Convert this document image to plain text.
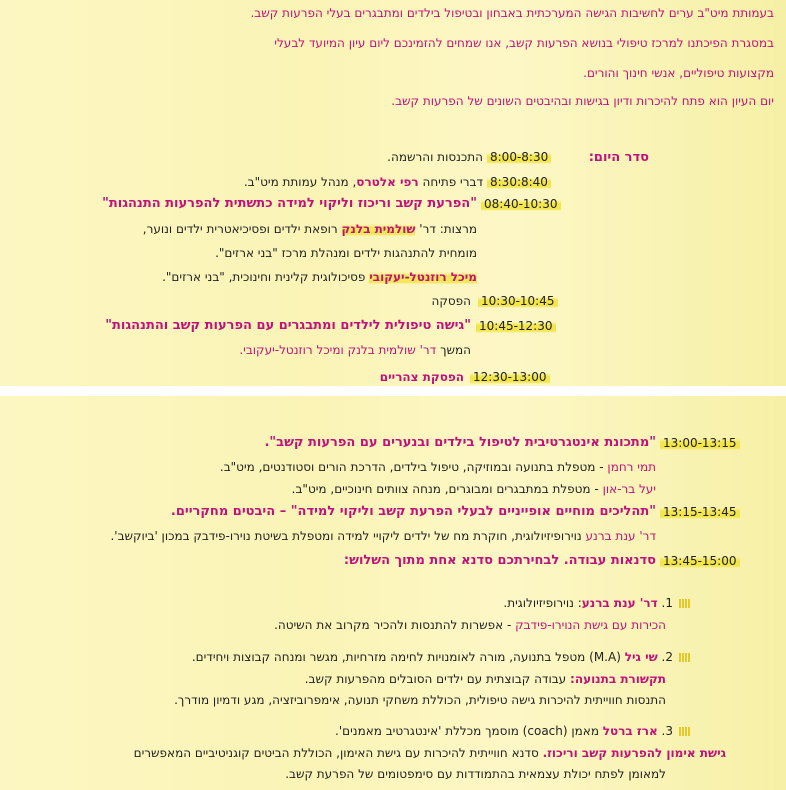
בעמותת מיט"ב ערים לחשיבות הגישה המערכתית באבחון ובטיפול בילדים ומתבגרים בעלי הפרעות קשב.
במסגרת הפיכתנו למרכז טיפולי בנושא הפרעות קשב, אנו שמחים להזמינכם ליום עיון המיועד לבעלי
מקצועות טיפוליים, אנשי חינוך והורים.
יום העיון הוא פתח להיכרות ודיון בגישות ובהיבטים השונים של הפרעות קשב.
סדר היום:
8:00-8:30
התכנסות והרשמה.
8:30:8:40
דברי פתיחה רפי אלטרס, מנהל עמותת מיט"ב.
08:40-10:30
"הפרעת קשב וריכוז וליקוי למידה כתשתית להפרעות התנהגות"
מרצות: דר' שולמית בלנק רופאת ילדים ופסיכיאטרית ילדים ונוער,
מומחית להתנהגות ילדים ומנהלת מרכז "בני ארזים".
מיכל רוזנטל-יעקובי פסיכולוגית קלינית וחינוכית, "בני ארזים".
10:30-10:45
הפסקה
10:45-12:30
"גישה טיפולית לילדים ומתבגרים עם הפרעות קשב והתנהגות"
המשך דר' שולמית בלנק ומיכל רוזנטל-יעקובי.
12:30-13:00
הפסקת צהריים
13:00-13:15
"מתכונת אינטגרטיבית לטיפול בילדים ובנערים עם הפרעות קשב".
תמי רחמן - מטפלת בתנועה ובמוזיקה, טיפול בילדים, הדרכת הורים וסטודנטים, מיט"ב.
יעל בר-און - מטפלת במתבגרים ומבוגרים, מנחה צוותים חינוכיים, מיט"ב.
13:15-13:45
"תהליכים מוחיים אופייניים לבעלי הפרעת קשב וליקוי למידה" – היבטים מחקריים.
דר' ענת ברנע נוירופיזיולוגית, חוקרת מח של ילדים ליקויי למידה ומטפלת בשיטת נוירו-פידבק במכון 'ביוקשב'.
13:45-15:00
סדנאות עבודה. לבחירתכם סדנא אחת מתוך השלוש:
1. דר' ענת ברנע: נוירופיזיולוגית.
הכירות עם גישת הנוירו-פידבק - אפשרות להתנסות ולהכיר מקרוב את השיטה.
2. שי גיל (M.A) מטפל בתנועה, מורה לאומנויות לחימה מזרחיות, מגשר ומנחה קבוצות ויחידים.
תקשורת בתנועה: עבודה קבוצתית עם ילדים הסובלים מהפרעות קשב.
התנסות חווייתית להיכרות גישה טיפולית, הכוללת משחקי תנועה, אימפרוביזציה, מגע ודמיון מודרך.
3. ארז ברטל מאמן (coach) מוסמך מכללת 'אינטגרטיב מאמנים'.
גישת אימון להפרעות קשב וריכוז. סדנא חווייתית להיכרות עם גישת האימון, הכוללת הביטים קוגניטיביים המאפשרים
למאומן לפתח יכולת עצמאית בהתמודדות עם סימפטומים של הפרעת קשב.
